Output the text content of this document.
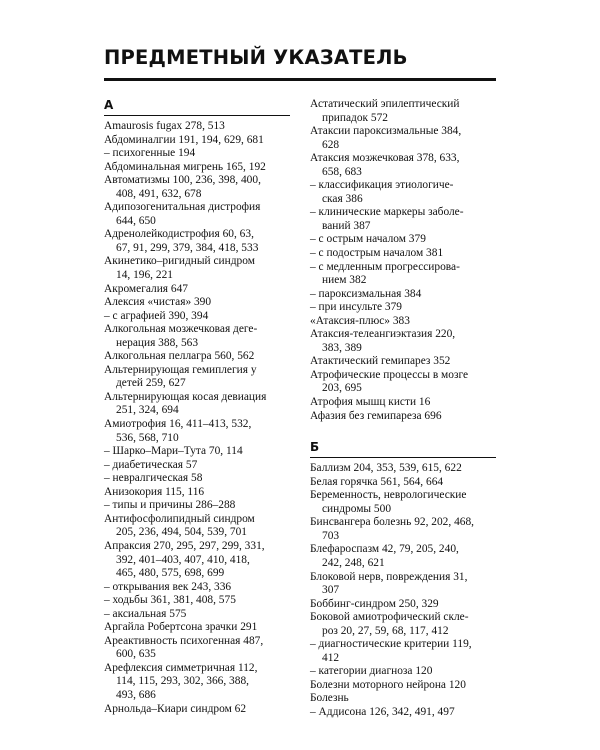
ПРЕДМЕТНЫЙ УКАЗАТЕЛЬ
А
Amaurosis fugax 278, 513
Абдоминалгии 191, 194, 629, 681
– психогенные 194
Абдоминальная мигрень 165, 192
Автоматизмы 100, 236, 398, 400,
408, 491, 632, 678
Адипозогенитальная дистрофия
644, 650
Адренолейкодистрофия 60, 63,
67, 91, 299, 379, 384, 418, 533
Акинетико–ригидный синдром
14, 196, 221
Акромегалия 647
Алексия «чистая» 390
– с аграфией 390, 394
Алкогольная мозжечковая деге-
нерация 388, 563
Алкогольная пеллагра 560, 562
Альтернирующая гемиплегия у
детей 259, 627
Альтернирующая косая девиация
251, 324, 694
Амиотрофия 16, 411–413, 532,
536, 568, 710
– Шарко–Мари–Тута 70, 114
– диабетическая 57
– невралгическая 58
Анизокория 115, 116
– типы и причины 286–288
Антифосфолипидный синдром
205, 236, 494, 504, 539, 701
Апраксия 270, 295, 297, 299, 331,
392, 401–403, 407, 410, 418,
465, 480, 575, 698, 699
– открывания век 243, 336
– ходьбы 361, 381, 408, 575
– аксиальная 575
Аргайла Робертсона зрачки 291
Ареактивность психогенная 487,
600, 635
Арефлексия симметричная 112,
114, 115, 293, 302, 366, 388,
493, 686
Арнольда–Киари синдром 62
Астатический эпилептический
припадок 572
Атаксии пароксизмальные 384,
628
Атаксия мозжечковая 378, 633,
658, 683
– классификация этиологиче-
ская 386
– клинические маркеры заболе-
ваний 387
– с острым началом 379
– с подострым началом 381
– с медленным прогрессирова-
нием 382
– пароксизмальная 384
– при инсульте 379
«Атаксия-плюс» 383
Атаксия-телеангиэктазия 220,
383, 389
Атактический гемипарез 352
Атрофические процессы в мозге
203, 695
Атрофия мышц кисти 16
Афазия без гемипареза 696
Б
Баллизм 204, 353, 539, 615, 622
Белая горячка 561, 564, 664
Беременность, неврологические
синдромы 500
Бинсвангера болезнь 92, 202, 468,
703
Блефароспазм 42, 79, 205, 240,
242, 248, 621
Блоковой нерв, повреждения 31,
307
Боббинг-синдром 250, 329
Боковой амиотрофический скле-
роз 20, 27, 59, 68, 117, 412
– диагностические критерии 119,
412
– категории диагноза 120
Болезни моторного нейрона 120
Болезнь
– Аддисона 126, 342, 491, 497
